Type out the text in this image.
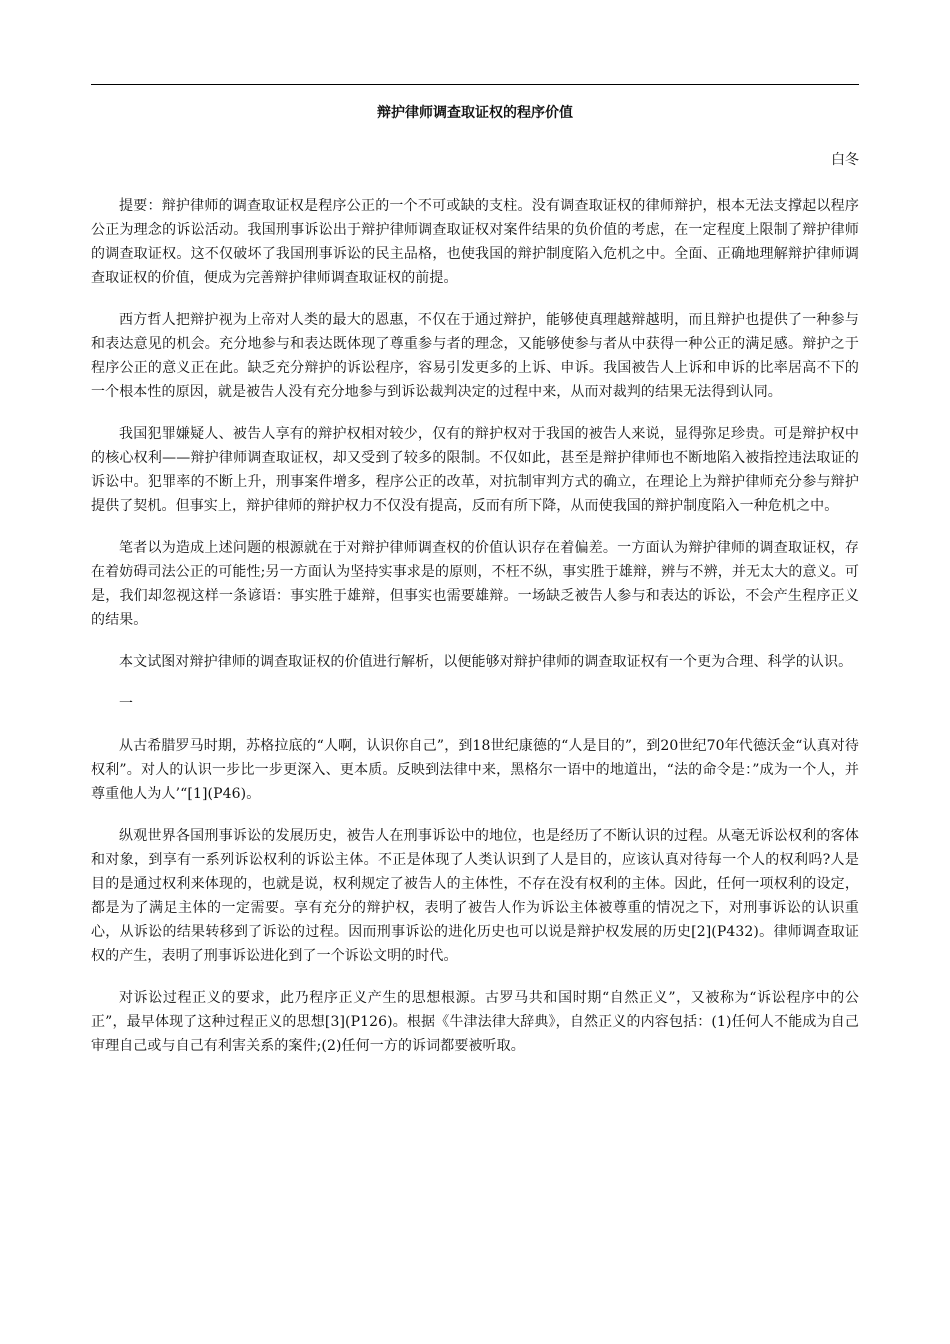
辩护律师调查取证权的程序价值
白冬

提要：辩护律师的调查取证权是程序公正的一个不可或缺的支柱。没有调查取证权的律师辩护，根本无法支撑起以程序公正为理念的诉讼活动。我国刑事诉讼出于辩护律师调查取证权对案件结果的负价值的考虑，在一定程度上限制了辩护律师的调查取证权。这不仅破坏了我国刑事诉讼的民主品格，也使我国的辩护制度陷入危机之中。全面、正确地理解辩护律师调查取证权的价值，便成为完善辩护律师调查取证权的前提。

西方哲人把辩护视为上帝对人类的最大的恩惠，不仅在于通过辩护，能够使真理越辩越明，而且辩护也提供了一种参与和表达意见的机会。充分地参与和表达既体现了尊重参与者的理念，又能够使参与者从中获得一种公正的满足感。辩护之于程序公正的意义正在此。缺乏充分辩护的诉讼程序，容易引发更多的上诉、申诉。我国被告人上诉和申诉的比率居高不下的一个根本性的原因，就是被告人没有充分地参与到诉讼裁判决定的过程中来，从而对裁判的结果无法得到认同。

我国犯罪嫌疑人、被告人享有的辩护权相对较少，仅有的辩护权对于我国的被告人来说，显得弥足珍贵。可是辩护权中的核心权利——辩护律师调查取证权，却又受到了较多的限制。不仅如此，甚至是辩护律师也不断地陷入被指控违法取证的诉讼中。犯罪率的不断上升，刑事案件增多，程序公正的改革，对抗制审判方式的确立，在理论上为辩护律师充分参与辩护提供了契机。但事实上，辩护律师的辩护权力不仅没有提高，反而有所下降，从而使我国的辩护制度陷入一种危机之中。

笔者以为造成上述问题的根源就在于对辩护律师调查权的价值认识存在着偏差。一方面认为辩护律师的调查取证权，存在着妨碍司法公正的可能性;另一方面认为坚持实事求是的原则，不枉不纵，事实胜于雄辩，辨与不辨，并无太大的意义。可是，我们却忽视这样一条谚语：事实胜于雄辩，但事实也需要雄辩。一场缺乏被告人参与和表达的诉讼，不会产生程序正义的结果。

本文试图对辩护律师的调查取证权的价值进行解析，以便能够对辩护律师的调查取证权有一个更为合理、科学的认识。

一

从古希腊罗马时期，苏格拉底的“人啊，认识你自己”，到18世纪康德的“人是目的”，到20世纪70年代德沃金“认真对待权利”。对人的认识一步比一步更深入、更本质。反映到法律中来，黑格尔一语中的地道出，“法的命令是：”成为一个人，并尊重他人为人’“[1](P46)。

纵观世界各国刑事诉讼的发展历史，被告人在刑事诉讼中的地位，也是经历了不断认识的过程。从毫无诉讼权利的客体和对象，到享有一系列诉讼权利的诉讼主体。不正是体现了人类认识到了人是目的，应该认真对待每一个人的权利吗?人是目的是通过权利来体现的，也就是说，权利规定了被告人的主体性，不存在没有权利的主体。因此，任何一项权利的设定，都是为了满足主体的一定需要。享有充分的辩护权，表明了被告人作为诉讼主体被尊重的情况之下，对刑事诉讼的认识重心，从诉讼的结果转移到了诉讼的过程。因而刑事诉讼的进化历史也可以说是辩护权发展的历史[2](P432)。律师调查取证权的产生，表明了刑事诉讼进化到了一个诉讼文明的时代。

对诉讼过程正义的要求，此乃程序正义产生的思想根源。古罗马共和国时期“自然正义”，又被称为“诉讼程序中的公正”，最早体现了这种过程正义的思想[3](P126)。根据《牛津法律大辞典》，自然正义的内容包括：(1)任何人不能成为自己审理自己或与自己有利害关系的案件;(2)任何一方的诉词都要被听取。
